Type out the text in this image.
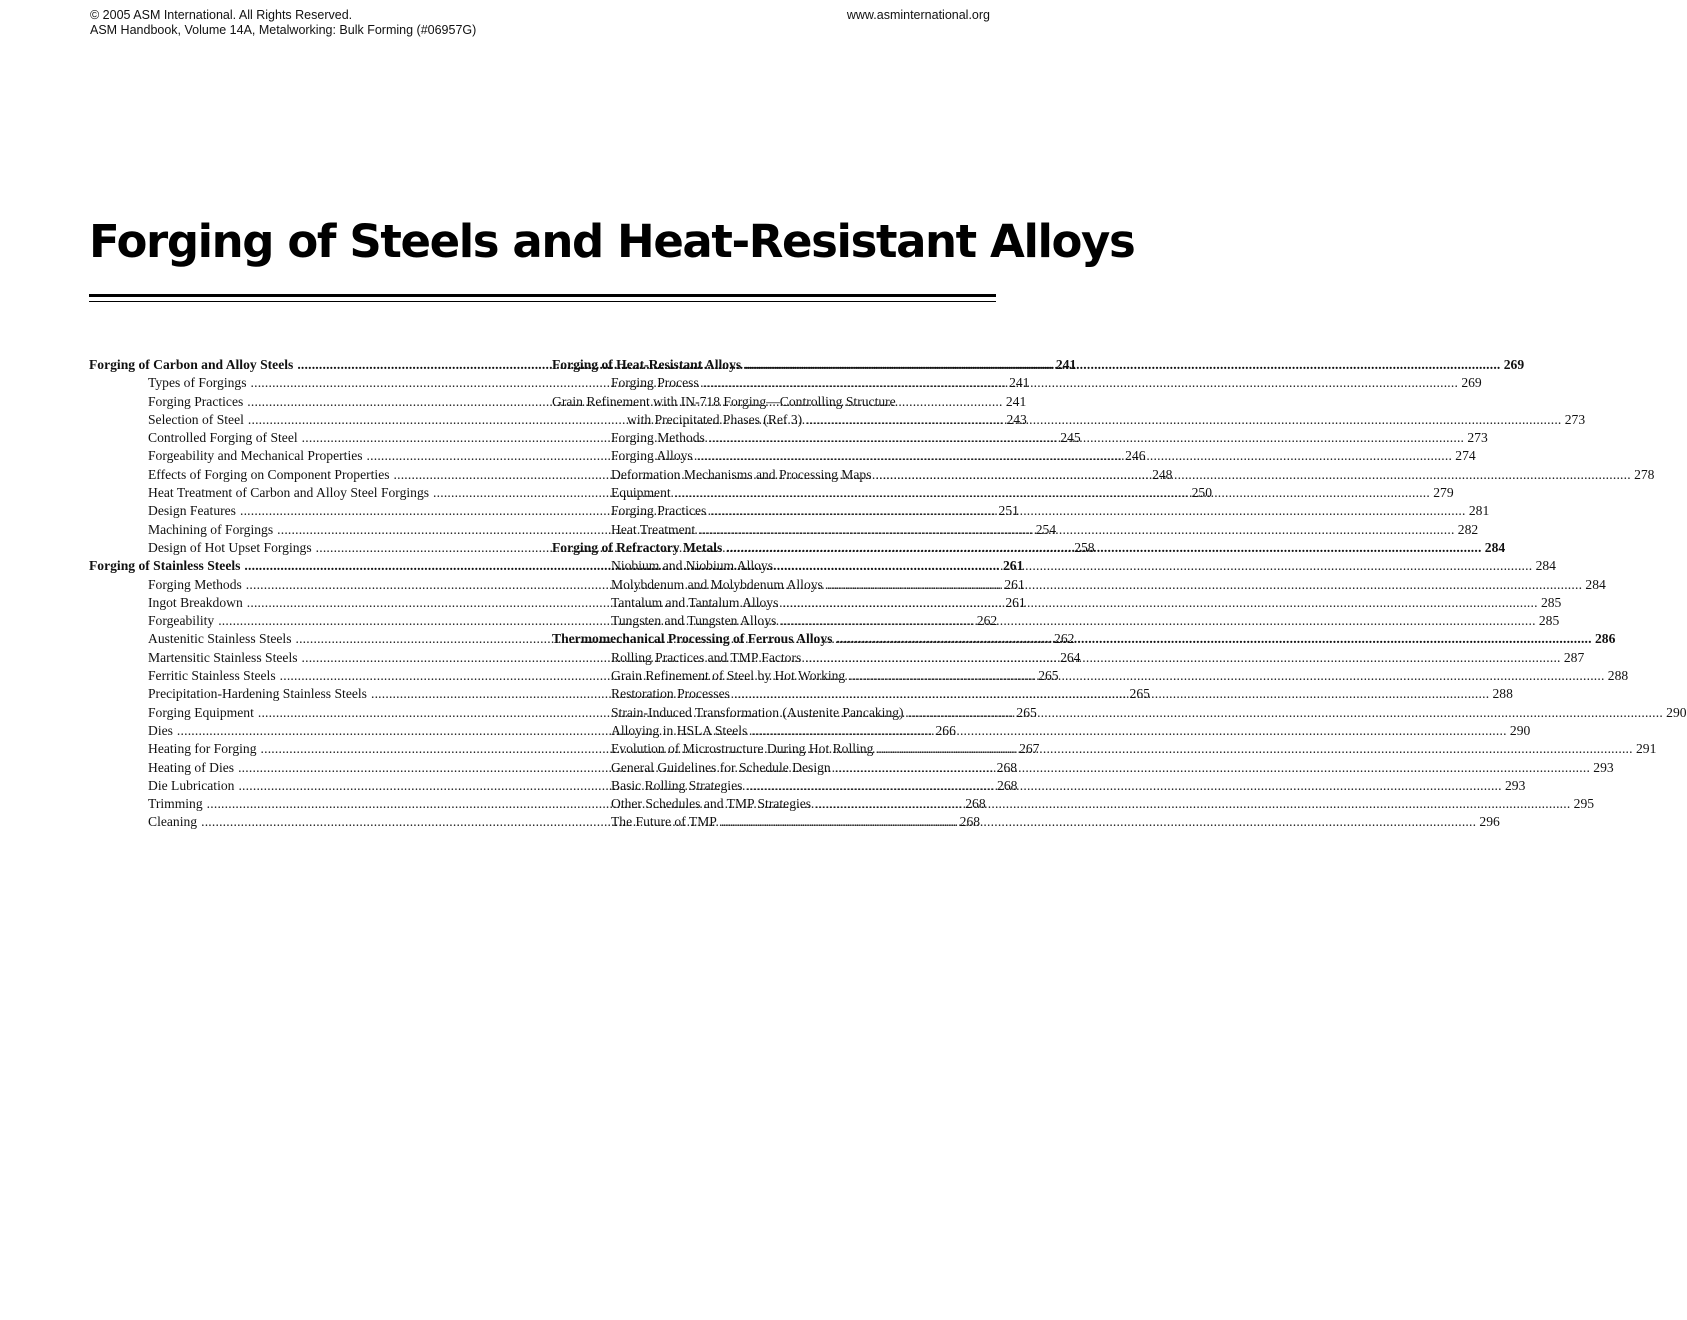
© 2005 ASM International. All Rights Reserved.
ASM Handbook, Volume 14A, Metalworking: Bulk Forming (#06957G)
www.asminternational.org
Forging of Steels and Heat-Resistant Alloys
Forging of Carbon and Alloy Steels . . .	241
Types of Forgings . . .	241
Forging Practices . . .	241
Selection of Steel . . .	243
Controlled Forging of Steel . . .	245
Forgeability and Mechanical Properties . . .	246
Effects of Forging on Component Properties . . .	248
Heat Treatment of Carbon and Alloy Steel Forgings . . .	250
Design Features . . .	251
Machining of Forgings . . .	254
Design of Hot Upset Forgings . . .	258
Forging of Stainless Steels . . .	261
Forging Methods . . .	261
Ingot Breakdown . . .	261
Forgeability . . .	262
Austenitic Stainless Steels . . .	262
Martensitic Stainless Steels . . .	264
Ferritic Stainless Steels . . .	265
Precipitation-Hardening Stainless Steels . . .	265
Forging Equipment . . .	265
Dies . . .	266
Heating for Forging . . .	267
Heating of Dies . . .	268
Die Lubrication . . .	268
Trimming . . .	268
Cleaning . . .	268
Forging of Heat-Resistant Alloys . . .	269
Forging Process . . .	269
Grain Refinement with IN-718 Forging—Controlling Structure
with Precipitated Phases (Ref 3) . . .	273
Forging Methods . . .	273
Forging Alloys . . .	274
Deformation Mechanisms and Processing Maps . . .	278
Equipment . . .	279
Forging Practices . . .	281
Heat Treatment . . .	282
Forging of Refractory Metals . . .	284
Niobium and Niobium Alloys . . .	284
Molybdenum and Molybdenum Alloys . . .	284
Tantalum and Tantalum Alloys . . .	285
Tungsten and Tungsten Alloys . . .	285
Thermomechanical Processing of Ferrous Alloys . . .	286
Rolling Practices and TMP Factors . . .	287
Grain Refinement of Steel by Hot Working . . .	288
Restoration Processes . . .	288
Strain-Induced Transformation (Austenite Pancaking) . . .	290
Alloying in HSLA Steels . . .	290
Evolution of Microstructure During Hot Rolling . . .	291
General Guidelines for Schedule Design . . .	293
Basic Rolling Strategies . . .	293
Other Schedules and TMP Strategies . . .	295
The Future of TMP . . .	296
